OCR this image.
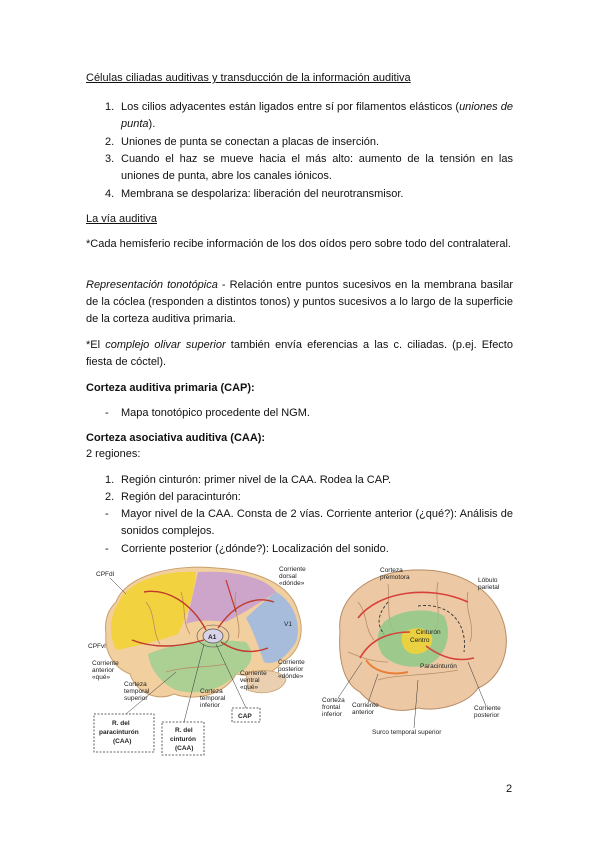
Células ciliadas auditivas y transducción de la información auditiva
1. Los cilios adyacentes están ligados entre sí por filamentos elásticos (uniones de punta).
2. Uniones de punta se conectan a placas de inserción.
3. Cuando el haz se mueve hacia el más alto: aumento de la tensión en las uniones de punta, abre los canales iónicos.
4. Membrana se despolariza: liberación del neurotransmisor.
La vía auditiva
*Cada hemisferio recibe información de los dos oídos pero sobre todo del contralateral.
Representación tonotópica - Relación entre puntos sucesivos en la membrana basilar de la cóclea (responden a distintos tonos) y puntos sucesivos a lo largo de la superficie de la corteza auditiva primaria.
*El complejo olivar superior también envía eferencias a las c. ciliadas. (p.ej. Efecto fiesta de cóctel).
Corteza auditiva primaria (CAP):
- Mapa tonotópico procedente del NGM.
Corteza asociativa auditiva (CAA):
2 regiones:
1. Región cinturón: primer nivel de la CAA. Rodea la CAP.
2. Región del paracinturón:
- Mayor nivel de la CAA. Consta de 2 vías. Corriente anterior (¿qué?): Análisis de sonidos complejos.
- Corriente posterior (¿dónde?): Localización del sonido.
A1
CPFdl
CPFvl
Corriente
dorsal
«dónde»
V1
Corriente
anterior
«qué»
Corteza
temporal
superior
Corteza
temporal
inferior
Corriente
ventral
«qué»
Corriente
posterior
«dónde»
R. del
paracinturón
(CAA)
R. del
cinturón
(CAA)
CAP
Corteza
premotora	Lóbulo
parietal
Cinturón
Centro
Paracinturón
Corteza
frontal
inferior
Corriente
anterior
Corriente
posterior
Surco temporal superior
2
